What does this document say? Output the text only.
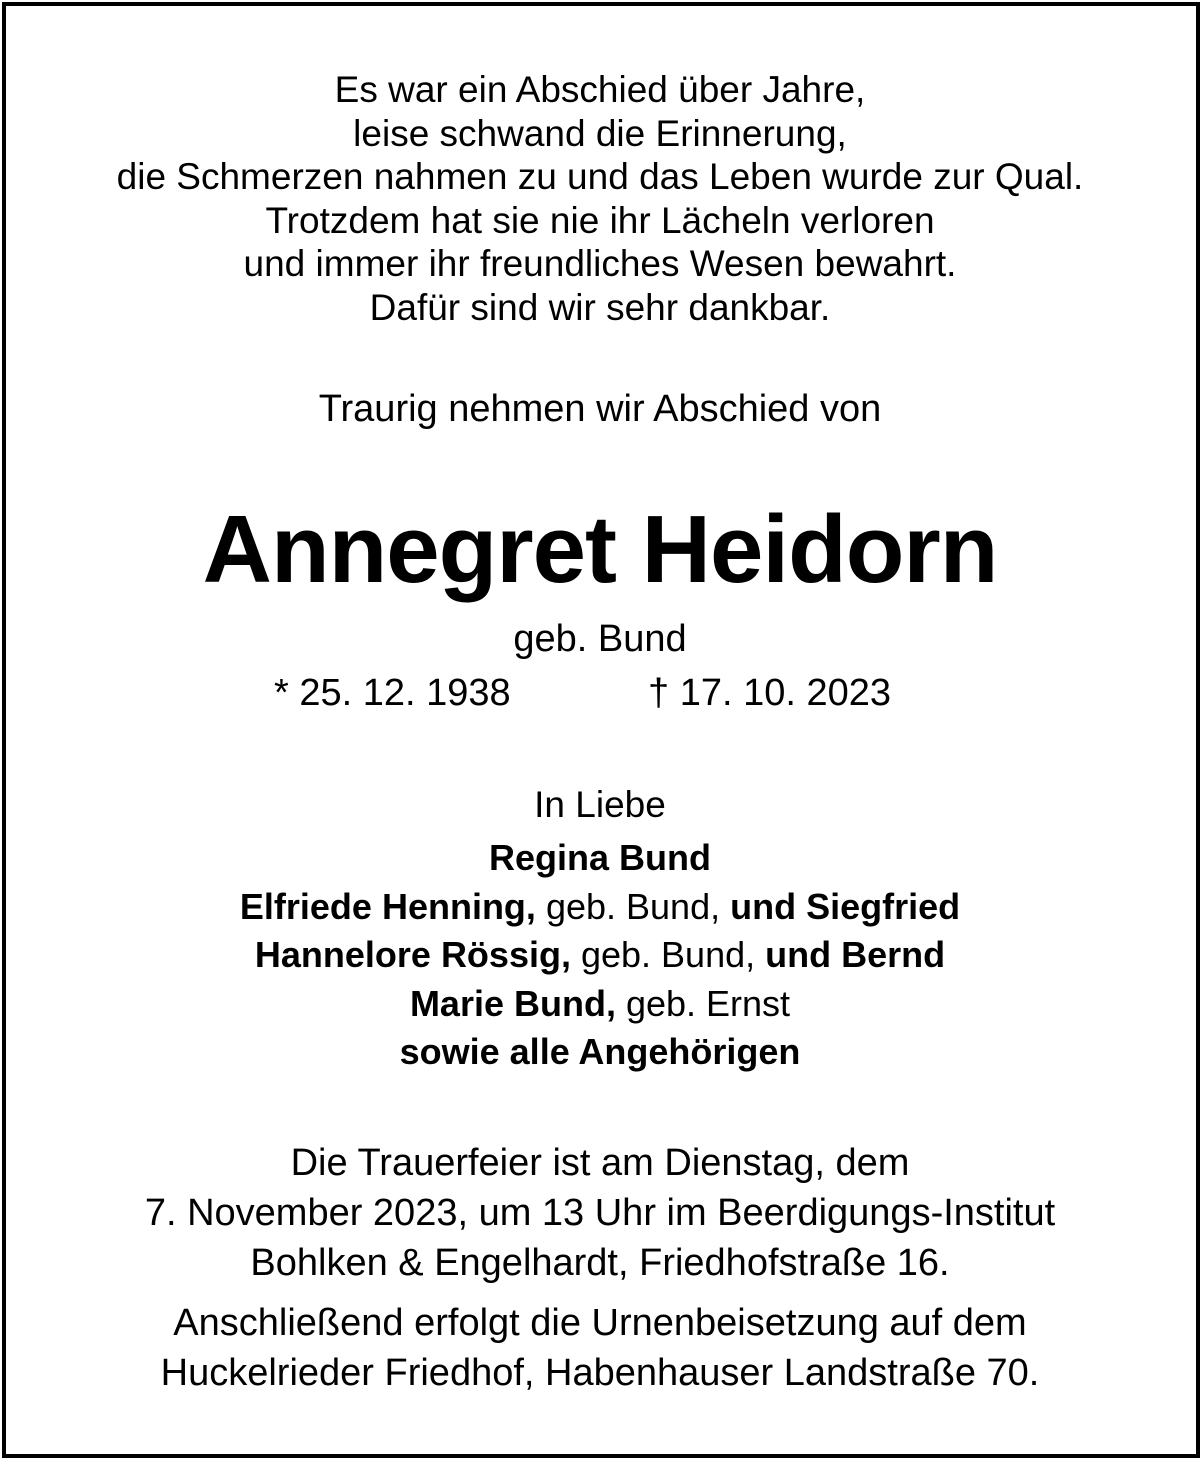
Es war ein Abschied über Jahre,
leise schwand die Erinnerung,
die Schmerzen nahmen zu und das Leben wurde zur Qual.
Trotzdem hat sie nie ihr Lächeln verloren
und immer ihr freundliches Wesen bewahrt.
Dafür sind wir sehr dankbar.
Traurig nehmen wir Abschied von
Annegret Heidorn
geb. Bund
* 25. 12. 1938	† 17. 10. 2023
In Liebe
Regina Bund
Elfriede Henning, geb. Bund, und Siegfried
Hannelore Rössig, geb. Bund, und Bernd
Marie Bund, geb. Ernst
sowie alle Angehörigen
Die Trauerfeier ist am Dienstag, dem
7. November 2023, um 13 Uhr im Beerdigungs-Institut
Bohlken & Engelhardt, Friedhofstraße 16.
Anschließend erfolgt die Urnenbeisetzung auf dem
Huckelrieder Friedhof, Habenhauser Landstraße 70.
